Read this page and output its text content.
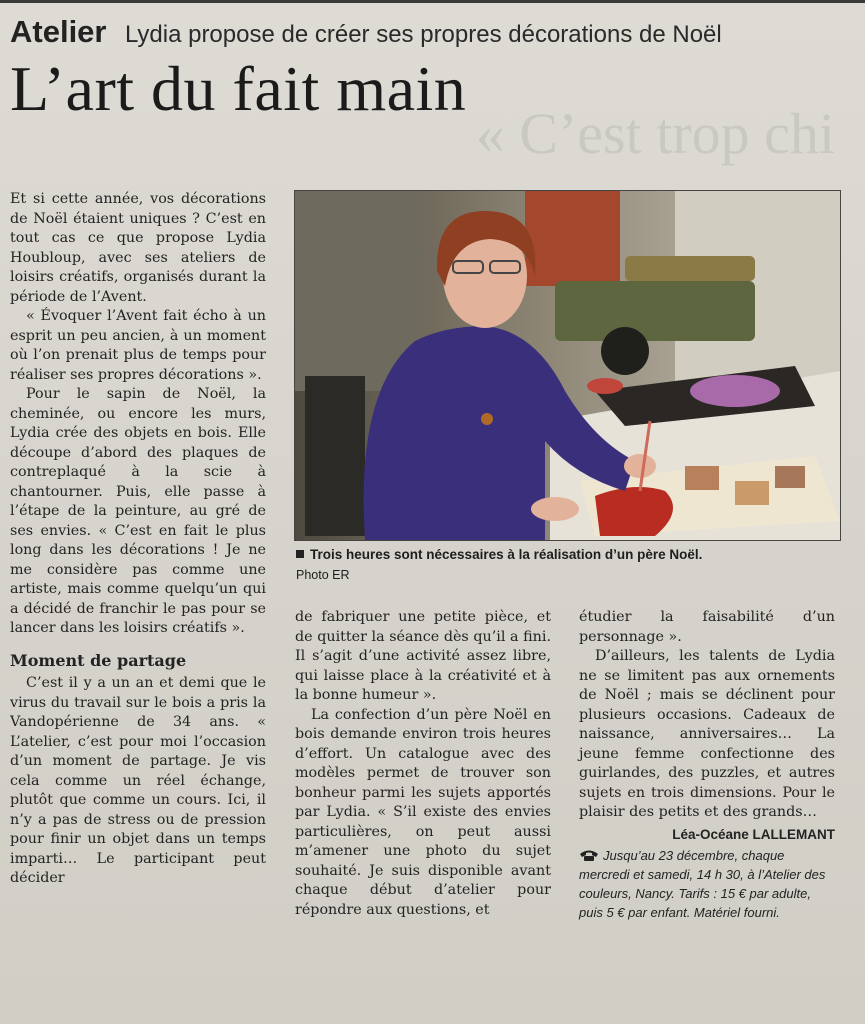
Atelier Lydia propose de créer ses propres décorations de Noël
L’art du fait main
« C’est trop chi

Et si cette année, vos décorations de Noël étaient uniques ? C’est en tout cas ce que propose Lydia Houbloup, avec ses ateliers de loisirs créatifs, organisés durant la période de l’Avent.

« Évoquer l’Avent fait écho à un esprit un peu ancien, à un moment où l’on prenait plus de temps pour réaliser ses propres décorations ».

Pour le sapin de Noël, la cheminée, ou encore les murs, Lydia crée des objets en bois. Elle découpe d’abord des plaques de contreplaqué à la scie à chantourner. Puis, elle passe à l’étape de la peinture, au gré de ses envies. « C’est en fait le plus long dans les décorations ! Je ne me considère pas comme une artiste, mais comme quelqu’un qui a décidé de franchir le pas pour se lancer dans les loisirs créatifs ».

Moment de partage

C’est il y a un an et demi que le virus du travail sur le bois a pris la Vandopérienne de 34 ans. « L’atelier, c’est pour moi l’occasion d’un moment de partage. Je vis cela comme un réel échange, plutôt que comme un cours. Ici, il n’y a pas de stress ou de pression pour finir un objet dans un temps imparti… Le participant peut décider

Trois heures sont nécessaires à la réalisation d’un père Noël.
Photo ER

de fabriquer une petite pièce, et de quitter la séance dès qu’il a fini. Il s’agit d’une activité assez libre, qui laisse place à la créativité et à la bonne humeur ».

La confection d’un père Noël en bois demande environ trois heures d’effort. Un catalogue avec des modèles permet de trouver son bonheur parmi les sujets apportés par Lydia. « S’il existe des envies particulières, on peut aussi m’amener une photo du sujet souhaité. Je suis disponible avant chaque début d’atelier pour répondre aux questions, et

étudier la faisabilité d’un personnage ».

D’ailleurs, les talents de Lydia ne se limitent pas aux ornements de Noël ; mais se déclinent pour plusieurs occasions. Cadeaux de naissance, anniversaires… La jeune femme confectionne des guirlandes, des puzzles, et autres sujets en trois dimensions. Pour le plaisir des petits et des grands…

Léa-Océane LALLEMANT
Jusqu’au 23 décembre, chaque mercredi et samedi, 14 h 30, à l’Atelier des couleurs, Nancy. Tarifs : 15 € par adulte, puis 5 € par enfant. Matériel fourni.
